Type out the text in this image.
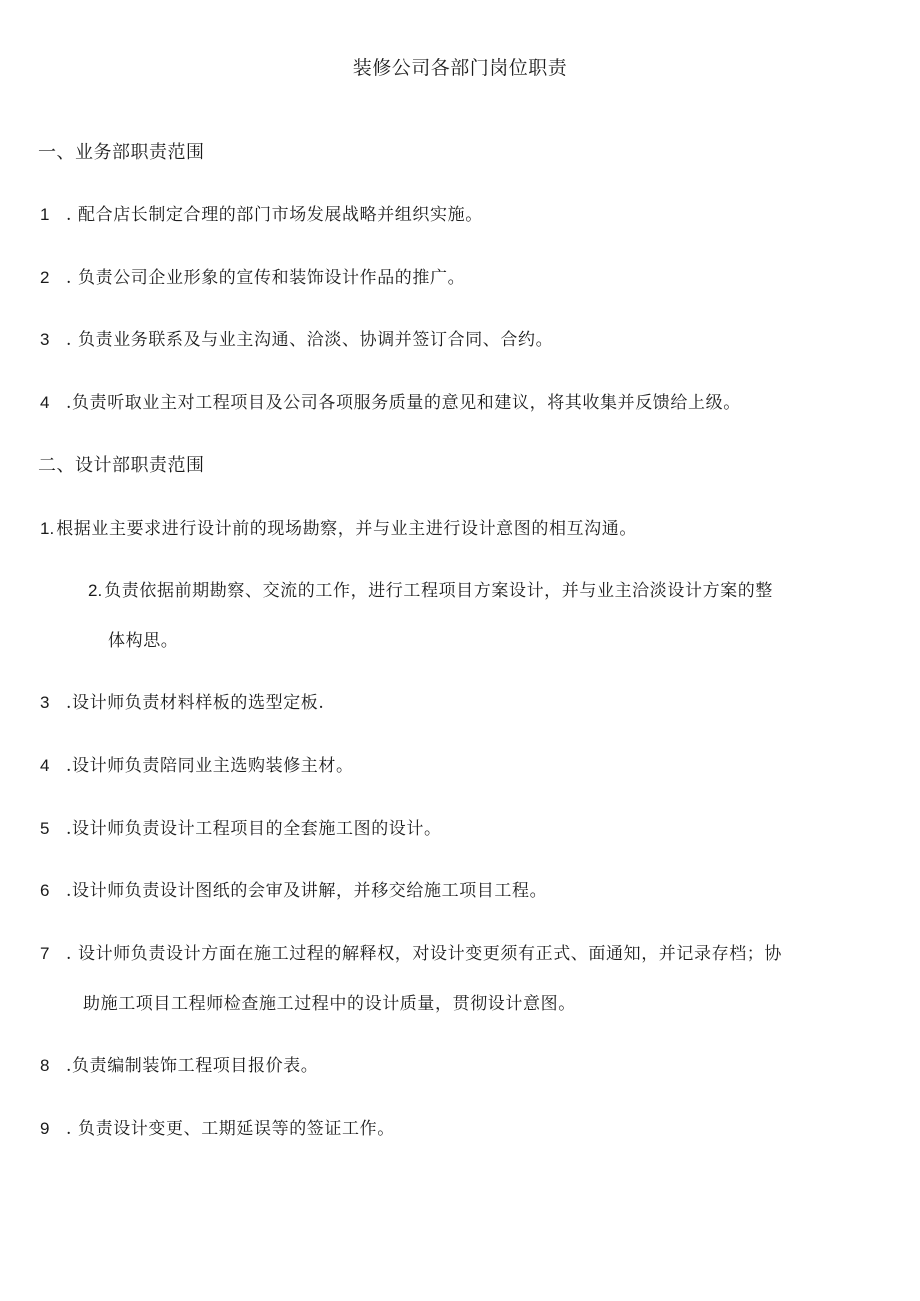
装修公司各部门岗位职责
一、业务部职责范围
1 . 配合店长制定合理的部门市场发展战略并组织实施。
2 . 负责公司企业形象的宣传和装饰设计作品的推广。
3 . 负责业务联系及与业主沟通、洽淡、协调并签订合同、合约。
4 .负责听取业主对工程项目及公司各项服务质量的意见和建议，将其收集并反馈给上级。
二、设计部职责范围
1. 根据业主要求进行设计前的现场勘察，并与业主进行设计意图的相互沟通。
2. 负责依据前期勘察、交流的工作，进行工程项目方案设计，并与业主洽淡设计方案的整
体构思。
3 .设计师负责材料样板的选型定板.
4 .设计师负责陪同业主选购装修主材。
5 .设计师负责设计工程项目的全套施工图的设计。
6 .设计师负责设计图纸的会审及讲解，并移交给施工项目工程。
7 . 设计师负责设计方面在施工过程的解释权，对设计变更须有正式、面通知，并记录存档；协
助施工项目工程师检查施工过程中的设计质量，贯彻设计意图。
8 .负责编制装饰工程项目报价表。
9 . 负责设计变更、工期延误等的签证工作。
